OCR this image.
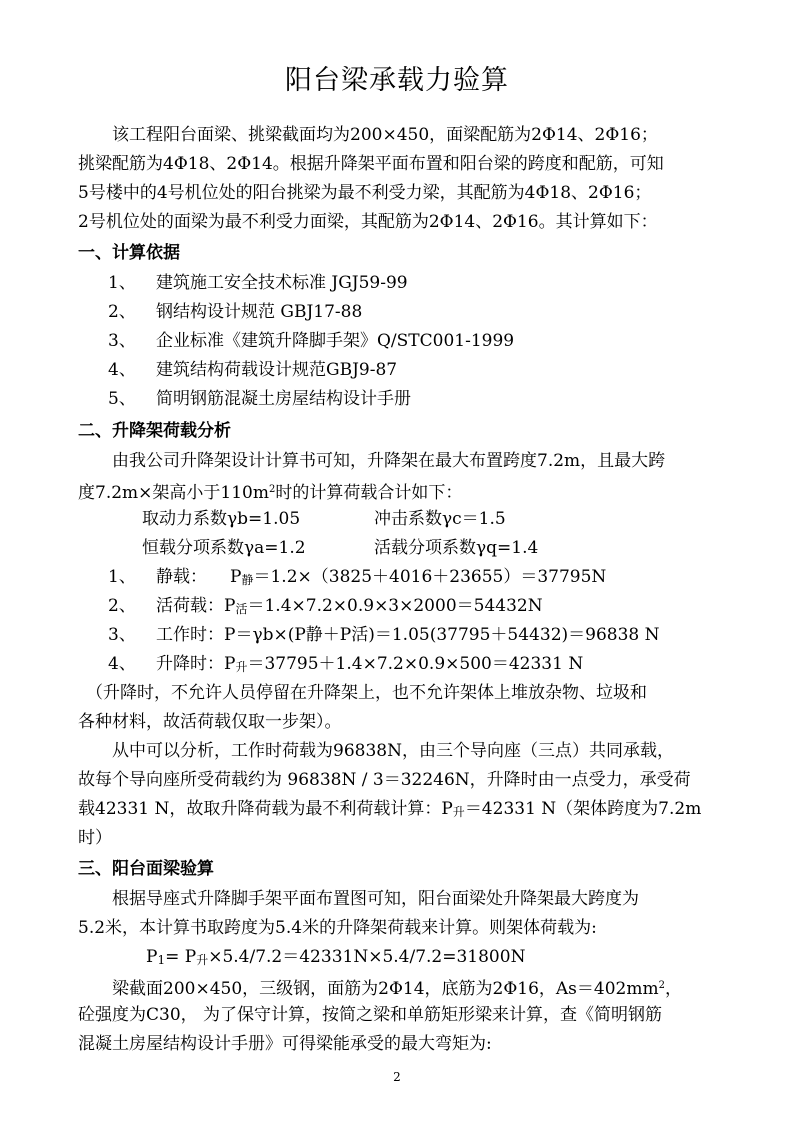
阳台梁承载力验算
　　该工程阳台面梁、挑梁截面均为200×450，面梁配筋为2Φ14、2Φ16；
挑梁配筋为4Φ18、2Φ14。根据升降架平面布置和阳台梁的跨度和配筋，可知
5号楼中的4号机位处的阳台挑梁为最不利受力梁，其配筋为4Φ18、2Φ16；
2号机位处的面梁为最不利受力面梁，其配筋为2Φ14、2Φ16。其计算如下：
一、计算依据
1、 建筑施工安全技术标准 JGJ59-99
2、 钢结构设计规范 GBJ17-88
3、 企业标准《建筑升降脚手架》Q/STC001-1999
4、 建筑结构荷载设计规范GBJ9-87
5、 简明钢筋混凝土房屋结构设计手册
二、升降架荷载分析
　　由我公司升降架设计计算书可知，升降架在最大布置跨度7.2m，且最大跨
度7.2m×架高小于$110m^2$时的计算荷载合计如下：
取动力系数γb=1.05	冲击系数γc＝1.5
恒载分项系数γa=1.2	活载分项系数γq=1.4
1、 静载： P静＝1.2×（3825＋4016＋23655）＝37795N
2、 活荷载：P活＝1.4×7.2×0.9×3×2000＝54432N
3、 工作时：P＝γb×(P静＋P活)＝1.05(37795＋54432)＝96838 N
4、 升降时：P升＝37795＋1.4×7.2×0.9×500＝42331 N
（升降时，不允许人员停留在升降架上，也不允许架体上堆放杂物、垃圾和
各种材料，故活荷载仅取一步架）。
　　从中可以分析，工作时荷载为96838N，由三个导向座（三点）共同承载，
故每个导向座所受荷载约为 96838N / 3＝32246N，升降时由一点受力，承受荷
载42331 N，故取升降荷载为最不利荷载计算：P升＝42331 N（架体跨度为7.2m
时）
三、阳台面梁验算
　　根据导座式升降脚手架平面布置图可知，阳台面梁处升降架最大跨度为
5.2米，本计算书取跨度为5.4米的升降架荷载来计算。则架体荷载为:
P1= P升×5.4/7.2＝42331N×5.4/7.2=31800N
　　梁截面200×450，三级钢，面筋为2Φ14，底筋为2Φ16，$As=402mm^2$，
砼强度为C30， 为了保守计算，按简之梁和单筋矩形梁来计算，查《简明钢筋
混凝土房屋结构设计手册》可得梁能承受的最大弯矩为:
2
